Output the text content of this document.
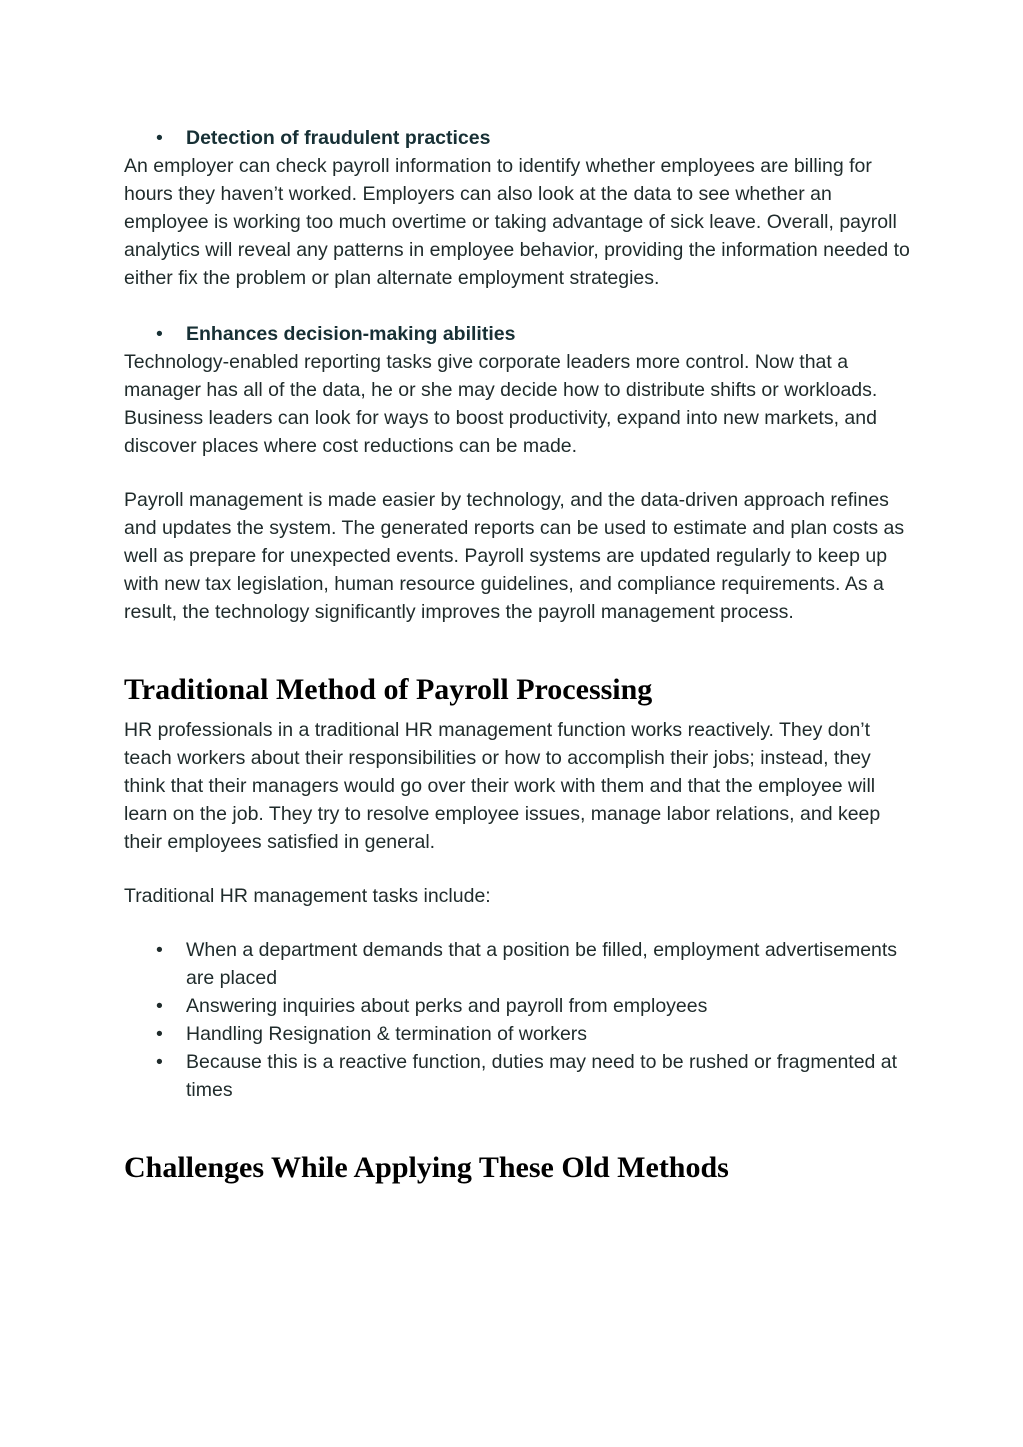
• Detection of fraudulent practices

An employer can check payroll information to identify whether employees are billing for hours they haven’t worked. Employers can also look at the data to see whether an employee is working too much overtime or taking advantage of sick leave. Overall, payroll analytics will reveal any patterns in employee behavior, providing the information needed to either fix the problem or plan alternate employment strategies.

• Enhances decision-making abilities

Technology-enabled reporting tasks give corporate leaders more control. Now that a manager has all of the data, he or she may decide how to distribute shifts or workloads. Business leaders can look for ways to boost productivity, expand into new markets, and discover places where cost reductions can be made.

Payroll management is made easier by technology, and the data-driven approach refines and updates the system. The generated reports can be used to estimate and plan costs as well as prepare for unexpected events. Payroll systems are updated regularly to keep up with new tax legislation, human resource guidelines, and compliance requirements. As a result, the technology significantly improves the payroll management process.

Traditional Method of Payroll Processing

HR professionals in a traditional HR management function works reactively. They don’t teach workers about their responsibilities or how to accomplish their jobs; instead, they think that their managers would go over their work with them and that the employee will learn on the job. They try to resolve employee issues, manage labor relations, and keep their employees satisfied in general.

Traditional HR management tasks include:

• When a department demands that a position be filled, employment advertisements are placed
• Answering inquiries about perks and payroll from employees
• Handling Resignation & termination of workers
• Because this is a reactive function, duties may need to be rushed or fragmented at times
Challenges While Applying These Old Methods
